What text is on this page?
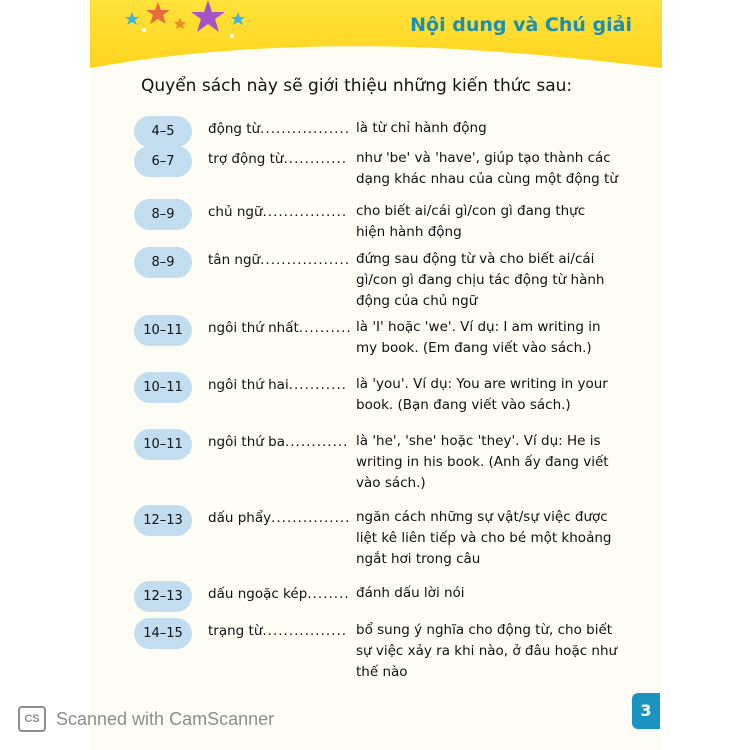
Nội dung và Chú giải
Quyển sách này sẽ giới thiệu những kiến thức sau:
4–5	động từ................. là từ chỉ hành động
6–7	trợ động từ............ như 'be' và 'have', giúp tạo thành các
dạng khác nhau của cùng một động từ
8–9	chủ ngữ................ cho biết ai/cái gì/con gì đang thực
hiện hành động
8–9	tân ngữ................. đứng sau động từ và cho biết ai/cái
gì/con gì đang chịu tác động từ hành
động của chủ ngữ
10–11	ngôi thứ nhất.......... là 'I' hoặc 'we'. Ví dụ: I am writing in
my book. (Em đang viết vào sách.)
10–11	ngôi thứ hai........... là 'you'. Ví dụ: You are writing in your
book. (Bạn đang viết vào sách.)
10–11	ngôi thứ ba............ là 'he', 'she' hoặc 'they'. Ví dụ: He is
writing in his book. (Anh ấy đang viết
vào sách.)
12–13	dấu phẩy............... ngăn cách những sự vật/sự việc được
liệt kê liên tiếp và cho bé một khoảng
ngắt hơi trong câu
12–13	dấu ngoặc kép........ đánh dấu lời nói
14–15	trạng từ................ bổ sung ý nghĩa cho động từ, cho biết
sự việc xảy ra khi nào, ở đâu hoặc như
thế nào
3
CS Scanned with CamScanner
